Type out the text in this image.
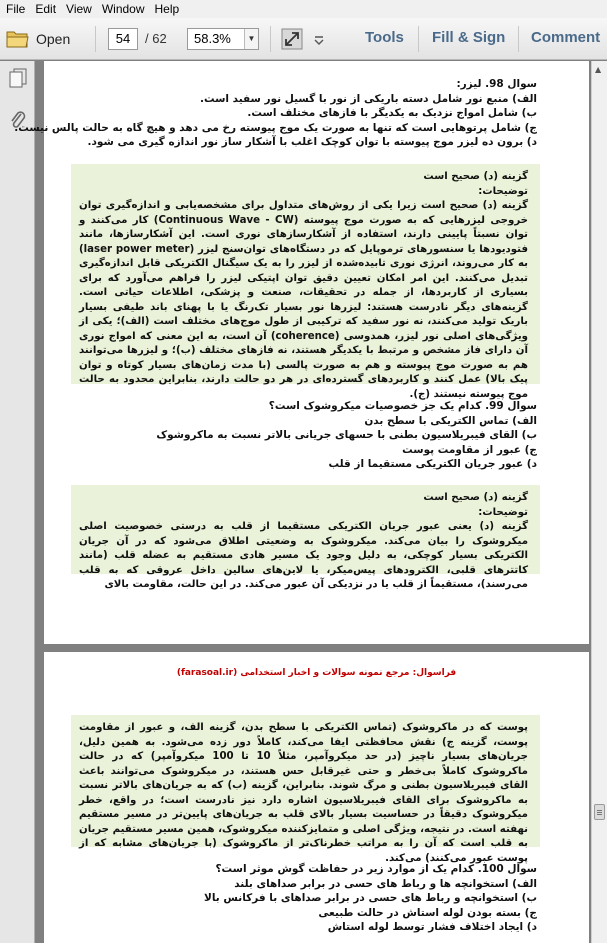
File Edit View Window Help
Open	54	/ 62	58.3%	▼	Tools Fill & Sign Comment
سوال 98. لیزر:
الف) منبع نور شامل دسته باریکی از نور با گسیل نور سفید است.
ب) شامل امواج نزدیک به یکدیگر با فازهای مختلف است.
ج) شامل پرتوهایی است که تنها به صورت یک موج پیوسته رخ می دهد و هیچ گاه به حالت پالس نیست.
د) برون ده لیزر موج پیوسته با توان کوچک اغلب با آشکار ساز نور اندازه گیری می شود.
گزینه (د) صحیح است
توضیحات:
گزینه (د) صحیح است زیرا یکی از روش‌های متداول برای مشخصه‌یابی و اندازه‌گیری توان خروجی لیزرهایی که به صورت موج پیوسته (Continuous Wave - CW) کار می‌کنند و توان نسبتاً پایینی دارند، استفاده از آشکارسازهای نوری است. این آشکارسازها، مانند فتودیودها یا سنسورهای ترموپایل که در دستگاه‌های توان‌سنج لیزر (laser power meter) به کار می‌روند، انرژی نوری تابیده‌شده از لیزر را به یک سیگنال الکتریکی قابل اندازه‌گیری تبدیل می‌کنند. این امر امکان تعیین دقیق توان اپتیکی لیزر را فراهم می‌آورد که برای بسیاری از کاربردها، از جمله در تحقیقات، صنعت و پزشکی، اطلاعات حیاتی است. گزینه‌های دیگر نادرست هستند: لیزرها نور بسیار تک‌رنگ یا با پهنای باند طیفی بسیار باریک تولید می‌کنند، نه نور سفید که ترکیبی از طول موج‌های مختلف است (الف)؛ یکی از ویژگی‌های اصلی نور لیزر، همدوسی (coherence) آن است، به این معنی که امواج نوری آن دارای فاز مشخص و مرتبط با یکدیگر هستند، نه فازهای مختلف (ب)؛ و لیزرها می‌توانند هم به صورت موج پیوسته و هم به صورت پالسی (با مدت زمان‌های بسیار کوتاه و توان پیک بالا) عمل کنند و کاربردهای گسترده‌ای در هر دو حالت دارند، بنابراین محدود به حالت موج پیوسته نیستند (ج).
سوال 99. کدام یک جز خصوصیات میکروشوک است؟
الف) تماس الکتریکی با سطح بدن
ب) القای فیبریلاسیون بطنی با حسهای جریانی بالاتر نسبت به ماکروشوک
ج) عبور از مقاومت پوست
د) عبور جریان الکتریکی مستقیما از قلب
گزینه (د) صحیح است
توضیحات:
گزینه (د) یعنی عبور جریان الکتریکی مستقیما از قلب به درستی خصوصیت اصلی میکروشوک را بیان می‌کند. میکروشوک به وضعیتی اطلاق می‌شود که در آن جریان الکتریکی بسیار کوچکی، به دلیل وجود یک مسیر هادی مستقیم به عضله قلب (مانند کاتترهای قلبی، الکترودهای پیس‌میکر، یا لاین‌های سالین داخل عروقی که به قلب می‌رسند)، مستقیماً از قلب یا در نزدیکی آن عبور می‌کند. در این حالت، مقاومت بالای
فراسوال: مرجع نمونه سوالات و اخبار استخدامی (farasoal.ir)
پوست که در ماکروشوک (تماس الکتریکی با سطح بدن، گزینه الف، و عبور از مقاومت پوست، گزینه ج) نقش محافظتی ایفا می‌کند، کاملاً دور زده می‌شود. به همین دلیل، جریان‌های بسیار ناچیز (در حد میکروآمپر، مثلاً 10 تا 100 میکروآمپر) که در حالت ماکروشوک کاملاً بی‌خطر و حتی غیرقابل حس هستند، در میکروشوک می‌توانند باعث القای فیبریلاسیون بطنی و مرگ شوند. بنابراین، گزینه (ب) که به جریان‌های بالاتر نسبت به ماکروشوک برای القای فیبریلاسیون اشاره دارد نیز نادرست است؛ در واقع، خطر میکروشوک دقیقاً در حساسیت بسیار بالای قلب به جریان‌های پایین‌تر در مسیر مستقیم نهفته است. در نتیجه، ویژگی اصلی و متمایزکننده میکروشوک، همین مسیر مستقیم جریان به قلب است که آن را به مراتب خطرناک‌تر از ماکروشوک (با جریان‌های مشابه که از پوست عبور می‌کنند) می‌کند.
سوال 100. کدام یک از موارد زیر در حفاظت گوش موثر است؟
الف) استخوانچه ها و رباط های حسی در برابر صداهای بلند
ب) استخوانچه و رباط های حسی در برابر صداهای با فرکانس بالا
ج) بسته بودن لوله استاش در حالت طبیعی
د) ایجاد اختلاف فشار توسط لوله استاش
▲
